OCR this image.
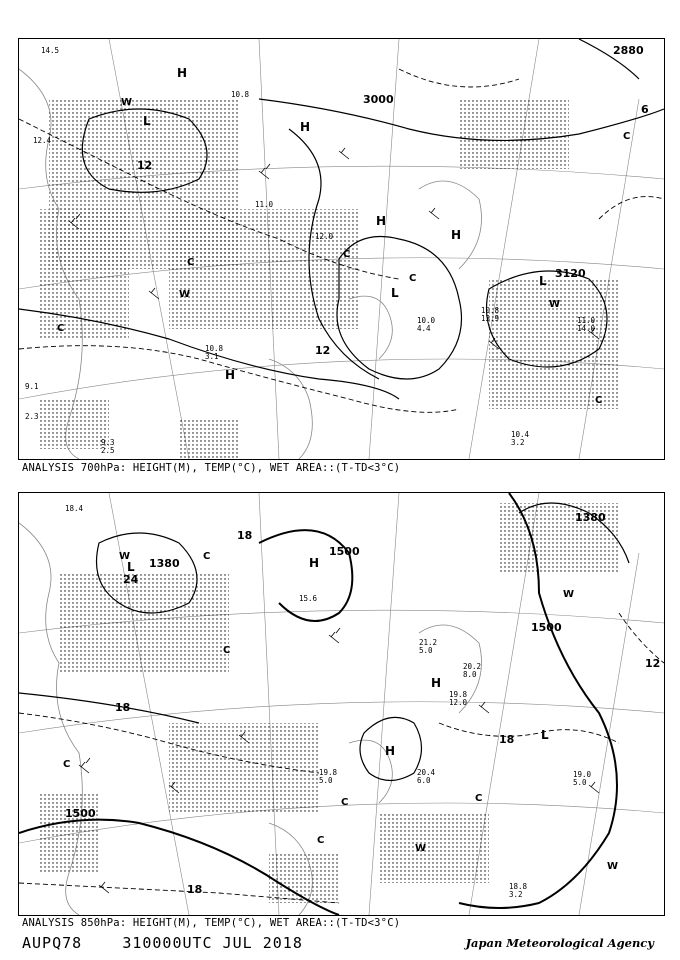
3000
3120
2880
12
12
6
H
H
H
H
H
L
L
L
W
W
W
C
C
C
C
C
C
14.5
12.4
10.8
11.0
12.0
10.0
4.4
10.8
13.9	11.0
14.0
10.4
3.2
10.8
3.1
9.1
2.3
9.3
2.5
ANALYSIS 700hPa: HEIGHT(M), TEMP(°C), WET AREA::(T-TD<3°C)
1500
1500
1500
1380
1380
18
18
18
18
24
12
H
H
H
L
L
W
W
W
W
C
C
C
C
C
C
19.8
5.0
19.0
5.0
18.8
3.2
20.4
6.0
18.4
15.6
20.2
8.0
21.2
5.0
19.8
12.0
ANALYSIS 850hPa: HEIGHT(M), TEMP(°C), WET AREA::(T-TD<3°C)
AUPQ78	310000UTC JUL 2018	Japan Meteorological Agency
